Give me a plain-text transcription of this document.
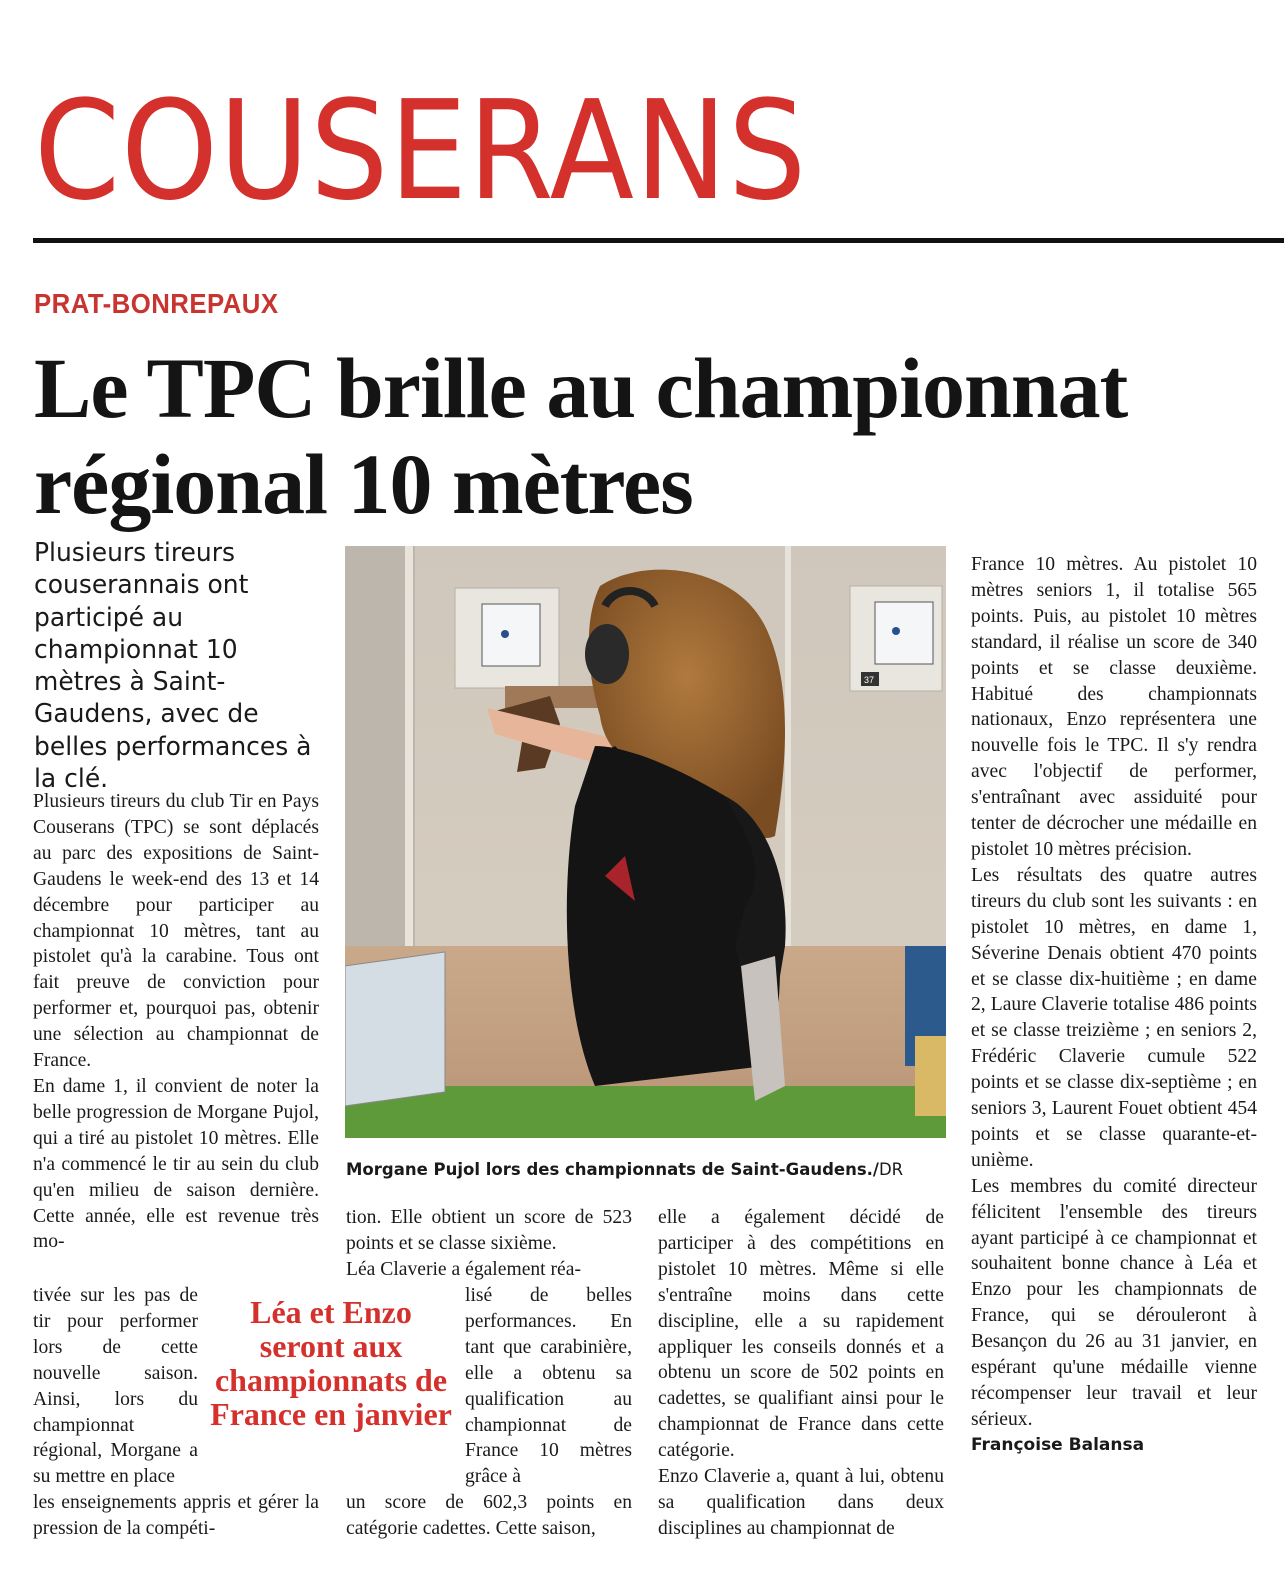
COUSERANS
PRAT-BONREPAUX
Le TPC brille au championnat
régional 10 mètres
Plusieurs tireurs couserannais ont participé au championnat 10 mètres à Saint-Gaudens, avec de belles performances à la clé.
37
Morgane Pujol lors des championnats de Saint-Gaudens./DR

Plusieurs tireurs du club Tir en Pays Couserans (TPC) se sont déplacés au parc des expositions de Saint-Gaudens le week-end des 13 et 14 décembre pour participer au championnat 10 mètres, tant au pistolet qu'à la carabine. Tous ont fait preuve de conviction pour performer et, pourquoi pas, obtenir une sélection au championnat de France.

En dame 1, il convient de noter la belle progression de Morgane Pujol, qui a tiré au pistolet 10 mètres. Elle n'a commencé le tir au sein du club qu'en milieu de saison dernière. Cette année, elle est revenue très mo-

tivée sur les pas de tir pour performer lors de cette nouvelle saison. Ainsi, lors du championnat régional, Morgane a su mettre en place

les enseignements appris et gérer la pression de la compéti-

Léa et Enzo seront aux championnats de France en janvier

tion. Elle obtient un score de 523 points et se classe sixième.

Léa Claverie a également réa-

lisé de belles performances. En tant que carabinière, elle a obtenu sa qualification au championnat de France 10 mètres grâce à

un score de 602,3 points en catégorie cadettes. Cette saison,

elle a également décidé de participer à des compétitions en pistolet 10 mètres. Même si elle s'entraîne moins dans cette discipline, elle a su rapidement appliquer les conseils donnés et a obtenu un score de 502 points en cadettes, se qualifiant ainsi pour le championnat de France dans cette catégorie.

Enzo Claverie a, quant à lui, obtenu sa qualification dans deux disciplines au championnat de

France 10 mètres. Au pistolet 10 mètres seniors 1, il totalise 565 points. Puis, au pistolet 10 mètres standard, il réalise un score de 340 points et se classe deuxième. Habitué des championnats nationaux, Enzo représentera une nouvelle fois le TPC. Il s'y rendra avec l'objectif de performer, s'entraînant avec assiduité pour tenter de décrocher une médaille en pistolet 10 mètres précision.

Les résultats des quatre autres tireurs du club sont les suivants : en pistolet 10 mètres, en dame 1, Séverine Denais obtient 470 points et se classe dix-huitième ; en dame 2, Laure Claverie totalise 486 points et se classe treizième ; en seniors 2, Frédéric Claverie cumule 522 points et se classe dix-septième ; en seniors 3, Laurent Fouet obtient 454 points et se classe quarante-et-unième.

Les membres du comité directeur félicitent l'ensemble des tireurs ayant participé à ce championnat et souhaitent bonne chance à Léa et Enzo pour les championnats de France, qui se dérouleront à Besançon du 26 au 31 janvier, en espérant qu'une médaille vienne récompenser leur travail et leur sérieux.

Françoise Balansa
